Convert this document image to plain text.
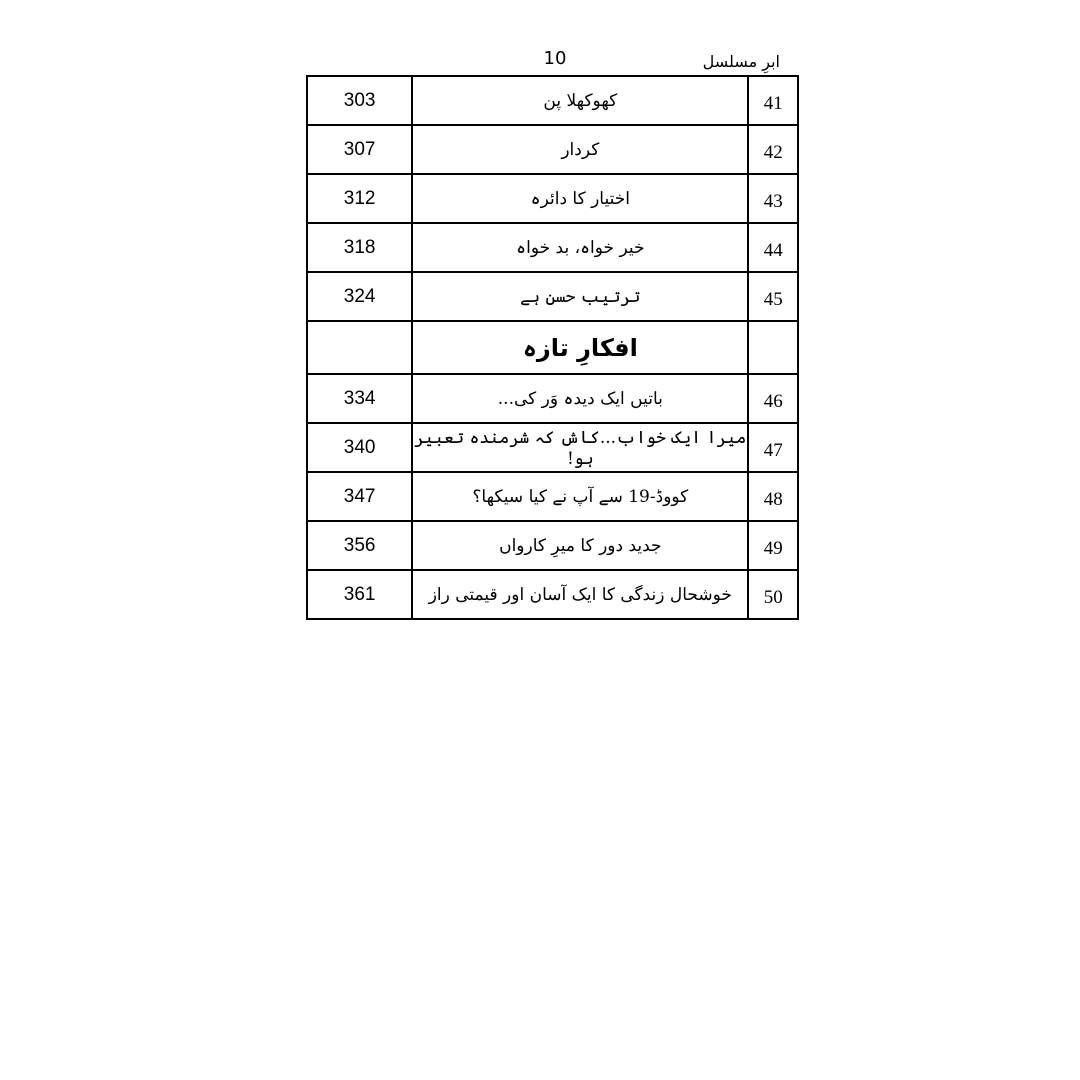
10	ابرِ مسلسل
303	کھوکھلا پن	41
307	کردار	42
312	اختیار کا دائرہ	43
318	خیر خواہ، بد خواہ	44
324	ترتیب حسن ہے	45
	افکارِ تازہ	
334	باتیں ایک دیدہ وَر کی...	46
340	میرا ایک خواب...کاش کہ شرمندہ تعبیر ہو!	47
347	کووڈ-19 سے آپ نے کیا سیکھا؟	48
356	جدید دور کا میرِ کارواں	49
361	خوشحال زندگی کا ایک آسان اور قیمتی راز	50
